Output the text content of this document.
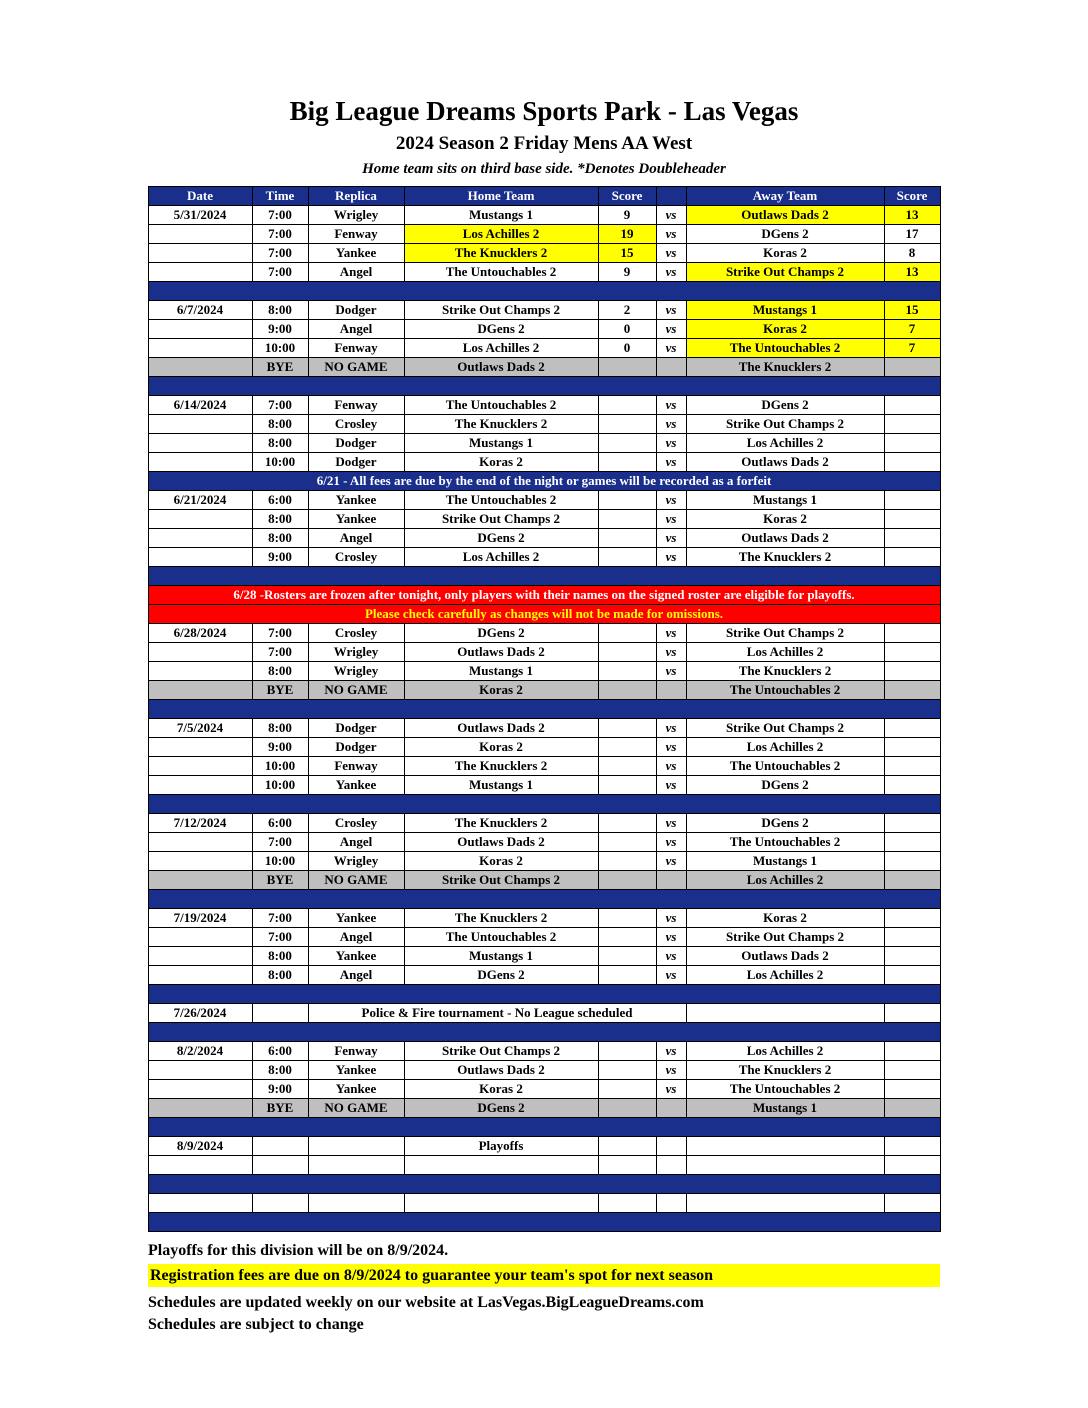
Big League Dreams Sports Park - Las Vegas
2024 Season 2 Friday Mens AA West
Home team sits on third base side. *Denotes Doubleheader
Date	Time	Replica	Home Team	Score		Away Team	Score
5/31/2024	7:00	Wrigley	Mustangs 1	9	vs	Outlaws Dads 2	13
	7:00	Fenway	Los Achilles 2	19	vs	DGens 2	17
	7:00	Yankee	The Knucklers 2	15	vs	Koras 2	8
	7:00	Angel	The Untouchables 2	9	vs	Strike Out Champs 2	13

6/7/2024	8:00	Dodger	Strike Out Champs 2	2	vs	Mustangs 1	15
	9:00	Angel	DGens 2	0	vs	Koras 2	7
	10:00	Fenway	Los Achilles 2	0	vs	The Untouchables 2	7
	BYE	NO GAME	Outlaws Dads 2			The Knucklers 2	

6/14/2024	7:00	Fenway	The Untouchables 2		vs	DGens 2	
	8:00	Crosley	The Knucklers 2		vs	Strike Out Champs 2	
	8:00	Dodger	Mustangs 1		vs	Los Achilles 2	
	10:00	Dodger	Koras 2		vs	Outlaws Dads 2	
6/21 - All fees are due by the end of the night or games will be recorded as a forfeit							
6/21/2024	6:00	Yankee	The Untouchables 2		vs	Mustangs 1	
	8:00	Yankee	Strike Out Champs 2		vs	Koras 2	
	8:00	Angel	DGens 2		vs	Outlaws Dads 2	
	9:00	Crosley	Los Achilles 2		vs	The Knucklers 2	

6/28 -Rosters are frozen after tonight, only players with their names on the signed roster are eligible for playoffs.							
Please check carefully as changes will not be made for omissions.							
6/28/2024	7:00	Crosley	DGens 2		vs	Strike Out Champs 2	
	7:00	Wrigley	Outlaws Dads 2		vs	Los Achilles 2	
	8:00	Wrigley	Mustangs 1		vs	The Knucklers 2	
	BYE	NO GAME	Koras 2			The Untouchables 2	

7/5/2024	8:00	Dodger	Outlaws Dads 2		vs	Strike Out Champs 2	
	9:00	Dodger	Koras 2		vs	Los Achilles 2	
	10:00	Fenway	The Knucklers 2		vs	The Untouchables 2	
	10:00	Yankee	Mustangs 1		vs	DGens 2	

7/12/2024	6:00	Crosley	The Knucklers 2		vs	DGens 2	
	7:00	Angel	Outlaws Dads 2		vs	The Untouchables 2	
	10:00	Wrigley	Koras 2		vs	Mustangs 1	
	BYE	NO GAME	Strike Out Champs 2			Los Achilles 2	

7/19/2024	7:00	Yankee	The Knucklers 2		vs	Koras 2	
	7:00	Angel	The Untouchables 2		vs	Strike Out Champs 2	
	8:00	Yankee	Mustangs 1		vs	Outlaws Dads 2	
	8:00	Angel	DGens 2		vs	Los Achilles 2	

7/26/2024		Police & Fire tournament - No League scheduled					

8/2/2024	6:00	Fenway	Strike Out Champs 2		vs	Los Achilles 2	
	8:00	Yankee	Outlaws Dads 2		vs	The Knucklers 2	
	9:00	Yankee	Koras 2		vs	The Untouchables 2	
	BYE	NO GAME	DGens 2			Mustangs 1	

8/9/2024			Playoffs				

Playoffs for this division will be on 8/9/2024.
Registration fees are due on 8/9/2024 to guarantee your team's spot for next season
Schedules are updated weekly on our website at LasVegas.BigLeagueDreams.com
Schedules are subject to change
